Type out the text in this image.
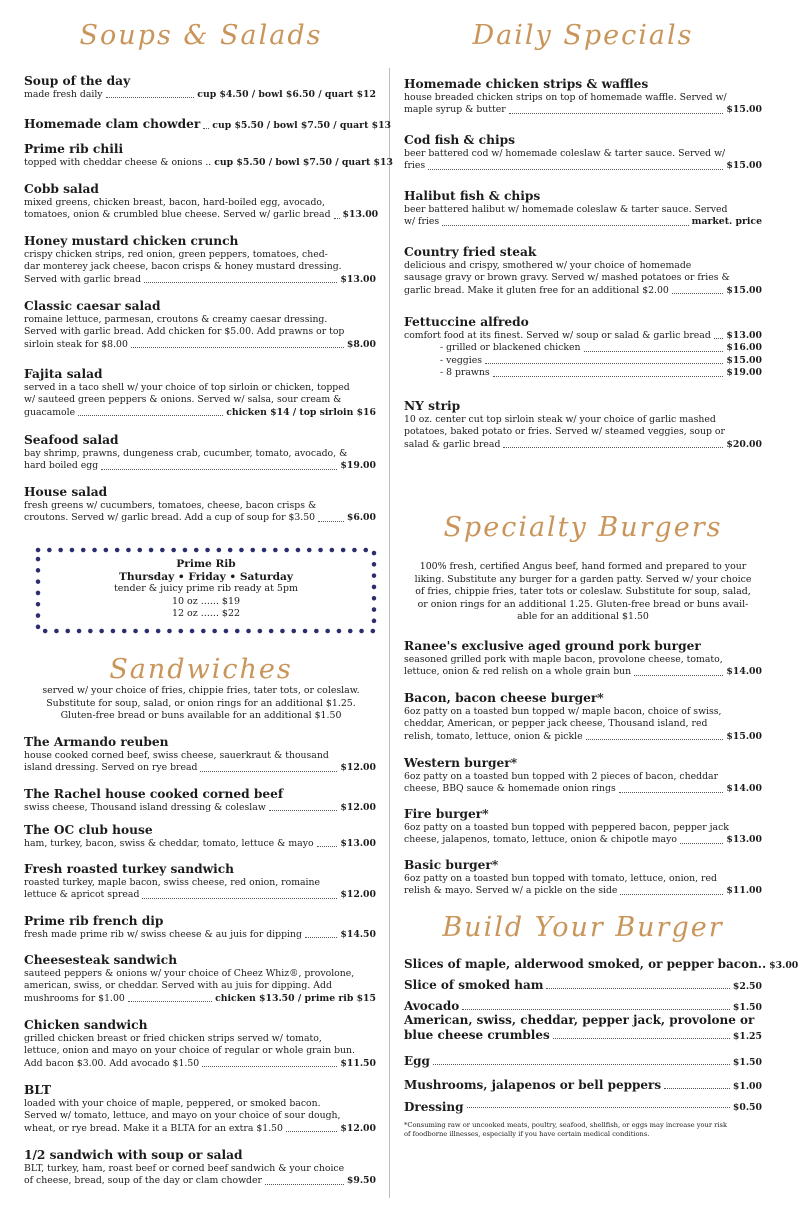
Soups & Salads
Soup of the day
made fresh daily	cup $4.50 / bowl $6.50 / quart $12
Homemade clam chowder cup $5.50 / bowl $7.50 / quart $13
Prime rib chili
topped with cheddar cheese & onions .. cup $5.50 / bowl $7.50 / quart $13
Cobb salad
mixed greens, chicken breast, bacon, hard-boiled egg, avocado,
tomatoes, onion & crumbled blue cheese. Served w/ garlic bread $13.00
Honey mustard chicken crunch
crispy chicken strips, red onion, green peppers, tomatoes, ched-
dar monterey jack cheese, bacon crisps & honey mustard dressing.
Served with garlic bread	$13.00
Classic caesar salad
romaine lettuce, parmesan, croutons & creamy caesar dressing.
Served with garlic bread. Add chicken for $5.00. Add prawns or top
sirloin steak for $8.00	$8.00
Fajita salad
served in a taco shell w/ your choice of top sirloin or chicken, topped
w/ sauteed green peppers & onions. Served w/ salsa, sour cream &
guacamole	chicken $14 / top sirloin $16
Seafood salad
bay shrimp, prawns, dungeness crab, cucumber, tomato, avocado, &
hard boiled egg	$19.00
House salad
fresh greens w/ cucumbers, tomatoes, cheese, bacon crisps &
croutons. Served w/ garlic bread. Add a cup of soup for $3.50	$6.00
Sandwiches
served w/ your choice of fries, chippie fries, tater tots, or coleslaw.
Substitute for soup, salad, or onion rings for an additional $1.25.
Gluten-free bread or buns available for an additional $1.50
The Armando reuben
house cooked corned beef, swiss cheese, sauerkraut & thousand
island dressing. Served on rye bread	$12.00
The Rachel house cooked corned beef
swiss cheese, Thousand island dressing & coleslaw	$12.00
The OC club house
ham, turkey, bacon, swiss & cheddar, tomato, lettuce & mayo	$13.00
Fresh roasted turkey sandwich
roasted turkey, maple bacon, swiss cheese, red onion, romaine
lettuce & apricot spread	$12.00
Prime rib french dip
fresh made prime rib w/ swiss cheese & au juis for dipping	$14.50
Cheesesteak sandwich
sauteed peppers & onions w/ your choice of Cheez Whiz®, provolone,
american, swiss, or cheddar. Served with au juis for dipping. Add
mushrooms for $1.00	chicken $13.50 / prime rib $15
Chicken sandwich
grilled chicken breast or fried chicken strips served w/ tomato,
lettuce, onion and mayo on your choice of regular or whole grain bun.
Add bacon $3.00. Add avocado $1.50	$11.50
BLT
loaded with your choice of maple, peppered, or smoked bacon.
Served w/ tomato, lettuce, and mayo on your choice of sour dough,
wheat, or rye bread. Make it a BLTA for an extra $1.50	$12.00
1/2 sandwich with soup or salad
BLT, turkey, ham, roast beef or corned beef sandwich & your choice
of cheese, bread, soup of the day or clam chowder	$9.50
Prime Rib
Thursday • Friday • Saturday
tender & juicy prime rib ready at 5pm
10 oz ...... $19
12 oz ...... $22
Daily Specials
Homemade chicken strips & waffles
house breaded chicken strips on top of homemade waffle. Served w/
maple syrup & butter	$15.00
Cod fish & chips
beer battered cod w/ homemade coleslaw & tarter sauce. Served w/
fries	$15.00
Halibut fish & chips
beer battered halibut w/ homemade coleslaw & tarter sauce. Served
w/ fries	market. price
Country fried steak
delicious and crispy, smothered w/ your choice of homemade
sausage gravy or brown gravy. Served w/ mashed potatoes or fries &
garlic bread. Make it gluten free for an additional $2.00	$15.00
Fettuccine alfredo
comfort food at its finest. Served w/ soup or salad & garlic bread $13.00
- grilled or blackened chicken	$16.00
- veggies	$15.00
- 8 prawns	$19.00
NY strip
10 oz. center cut top sirloin steak w/ your choice of garlic mashed
potatoes, baked potato or fries. Served w/ steamed veggies, soup or
salad & garlic bread	$20.00
Specialty Burgers
100% fresh, certified Angus beef, hand formed and prepared to your
liking. Substitute any burger for a garden patty. Served w/ your choice
of fries, chippie fries, tater tots or coleslaw. Substitute for soup, salad,
or onion rings for an additional 1.25. Gluten-free bread or buns avail-
able for an additional $1.50
Ranee's exclusive aged ground pork burger
seasoned grilled pork with maple bacon, provolone cheese, tomato,
lettuce, onion & red relish on a whole grain bun	$14.00
Bacon, bacon cheese burger*
6oz patty on a toasted bun topped w/ maple bacon, choice of swiss,
cheddar, American, or pepper jack cheese, Thousand island, red
relish, tomato, lettuce, onion & pickle	$15.00
Western burger*
6oz patty on a toasted bun topped with 2 pieces of bacon, cheddar
cheese, BBQ sauce & homemade onion rings	$14.00
Fire burger*
6oz patty on a toasted bun topped with peppered bacon, pepper jack
cheese, jalapenos, tomato, lettuce, onion & chipotle mayo	$13.00
Basic burger*
6oz patty on a toasted bun topped with tomato, lettuce, onion, red
relish & mayo. Served w/ a pickle on the side	$11.00
Build Your Burger
Slices of maple, alderwood smoked, or pepper bacon.. $3.00
Slice of smoked ham	$2.50
Avocado	$1.50
American, swiss, cheddar, pepper jack, provolone or
blue cheese crumbles	$1.25
Egg	$1.50
Mushrooms, jalapenos or bell peppers	$1.00
Dressing	$0.50
*Consuming raw or uncooked meats, poultry, seafood, shellfish, or eggs may increase your risk
of foodborne illnesses, especially if you have certain medical conditions.
